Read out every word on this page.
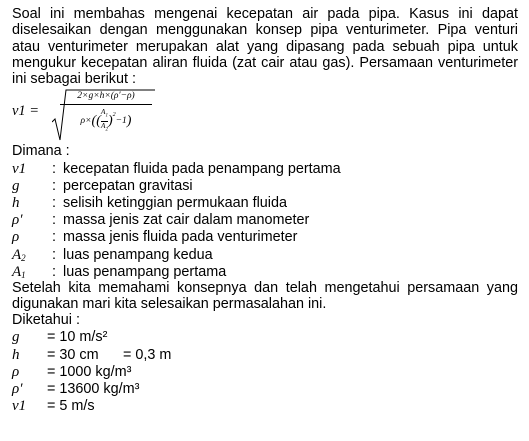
Soal ini membahas mengenai kecepatan air pada pipa. Kasus ini dapat diselesaikan dengan menggunakan konsep pipa venturimeter. Pipa venturi atau venturimeter merupakan alat yang dipasang pada sebuah pipa untuk mengukur kecepatan aliran fluida (zat cair atau gas). Persamaan venturimeter ini sebagai berikut :

$v1 = \frac{2\times g\times h\times(\rho'-\rho)}{\rho\times(( \frac{A_1}{A_2} )^2-1)}$
Dimana :
v1	: kecepatan fluida pada penampang pertama
g	: percepatan gravitasi
h	: selisih ketinggian permukaan fluida
ρ′	: massa jenis zat cair dalam manometer
ρ	: massa jenis fluida pada venturimeter
$A_2$	: luas penampang kedua
$A_1$	: luas penampang pertama

Setelah kita memahami konsepnya dan telah mengetahui persamaan yang digunakan mari kita selesaikan permasalahan ini.

Diketahui :
g	= 10 m/s²
h	= 30 cm	= 0,3 m
ρ	= 1000 kg/m³
ρ′	= 13600 kg/m³
v1	= 5 m/s
